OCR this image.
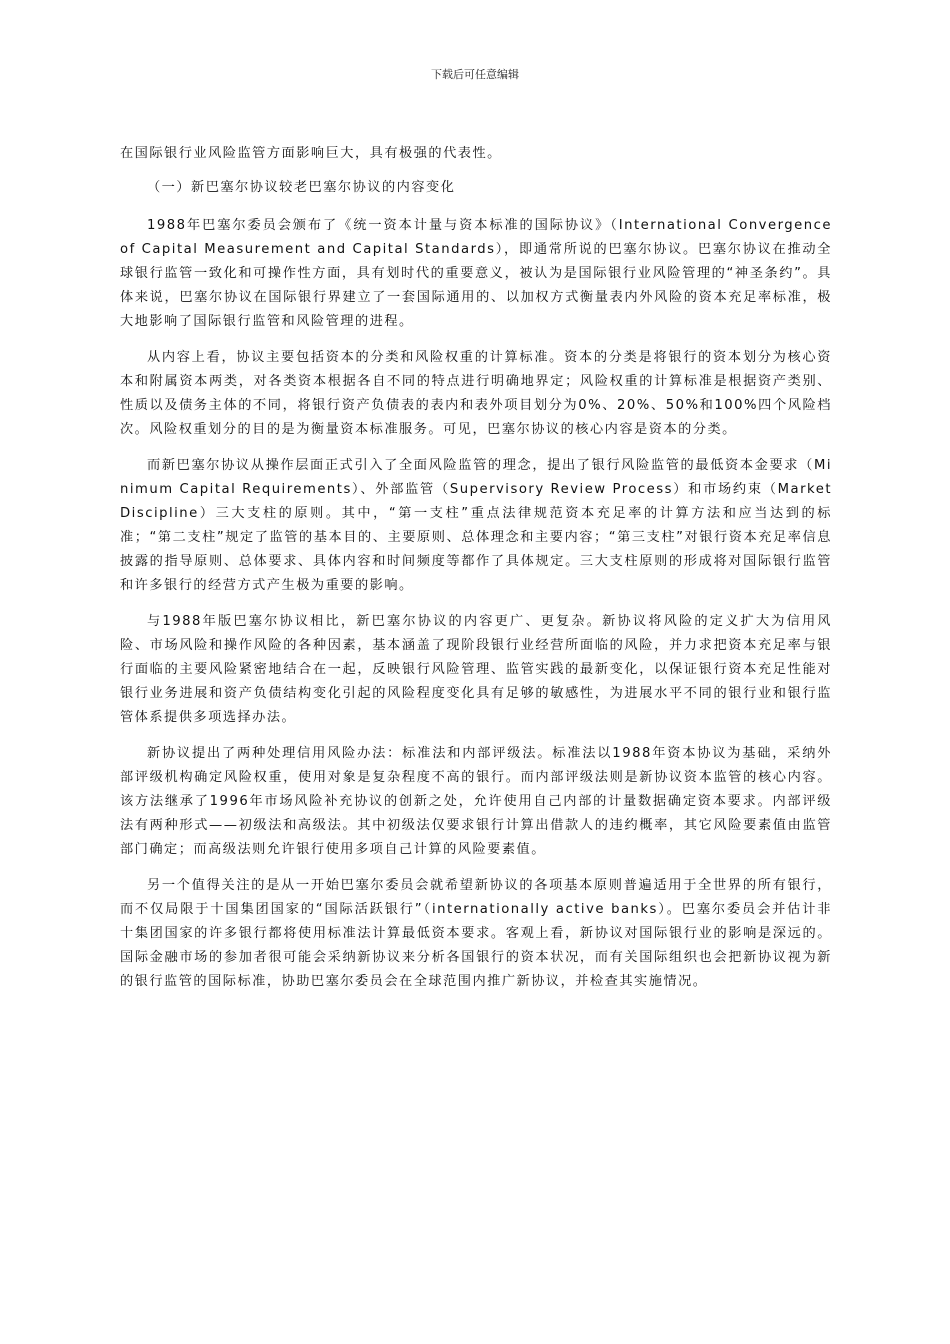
下载后可任意编辑

在国际银行业风险监管方面影响巨大，具有极强的代表性。

（一）新巴塞尔协议较老巴塞尔协议的内容变化

1988年巴塞尔委员会颁布了《统一资本计量与资本标准的国际协议》（International Convergence of Capital Measurement and Capital Standards），即通常所说的巴塞尔协议。巴塞尔协议在推动全球银行监管一致化和可操作性方面，具有划时代的重要意义，被认为是国际银行业风险管理的“神圣条约”。具体来说，巴塞尔协议在国际银行界建立了一套国际通用的、以加权方式衡量表内外风险的资本充足率标准，极大地影响了国际银行监管和风险管理的进程。

从内容上看，协议主要包括资本的分类和风险权重的计算标准。资本的分类是将银行的资本划分为核心资本和附属资本两类，对各类资本根据各自不同的特点进行明确地界定；风险权重的计算标准是根据资产类别、性质以及债务主体的不同，将银行资产负债表的表内和表外项目划分为0%、20%、50%和100%四个风险档次。风险权重划分的目的是为衡量资本标准服务。可见，巴塞尔协议的核心内容是资本的分类。

而新巴塞尔协议从操作层面正式引入了全面风险监管的理念，提出了银行风险监管的最低资本金要求（Minimum Capital Requirements）、外部监管（Supervisory Review Process）和市场约束（Market Discipline）三大支柱的原则。其中，“第一支柱”重点法律规范资本充足率的计算方法和应当达到的标准；“第二支柱”规定了监管的基本目的、主要原则、总体理念和主要内容；“第三支柱”对银行资本充足率信息披露的指导原则、总体要求、具体内容和时间频度等都作了具体规定。三大支柱原则的形成将对国际银行监管和许多银行的经营方式产生极为重要的影响。

与1988年版巴塞尔协议相比，新巴塞尔协议的内容更广、更复杂。新协议将风险的定义扩大为信用风险、市场风险和操作风险的各种因素，基本涵盖了现阶段银行业经营所面临的风险，并力求把资本充足率与银行面临的主要风险紧密地结合在一起，反映银行风险管理、监管实践的最新变化，以保证银行资本充足性能对银行业务进展和资产负债结构变化引起的风险程度变化具有足够的敏感性，为进展水平不同的银行业和银行监管体系提供多项选择办法。

新协议提出了两种处理信用风险办法：标准法和内部评级法。标准法以1988年资本协议为基础，采纳外部评级机构确定风险权重，使用对象是复杂程度不高的银行。而内部评级法则是新协议资本监管的核心内容。该方法继承了1996年市场风险补充协议的创新之处，允许使用自己内部的计量数据确定资本要求。内部评级法有两种形式——初级法和高级法。其中初级法仅要求银行计算出借款人的违约概率，其它风险要素值由监管部门确定；而高级法则允许银行使用多项自己计算的风险要素值。

另一个值得关注的是从一开始巴塞尔委员会就希望新协议的各项基本原则普遍适用于全世界的所有银行，而不仅局限于十国集团国家的“国际活跃银行”（internationally active banks）。巴塞尔委员会并估计非十集团国家的许多银行都将使用标准法计算最低资本要求。客观上看，新协议对国际银行业的影响是深远的。国际金融市场的参加者很可能会采纳新协议来分析各国银行的资本状况，而有关国际组织也会把新协议视为新的银行监管的国际标准，协助巴塞尔委员会在全球范围内推广新协议，并检查其实施情况。
